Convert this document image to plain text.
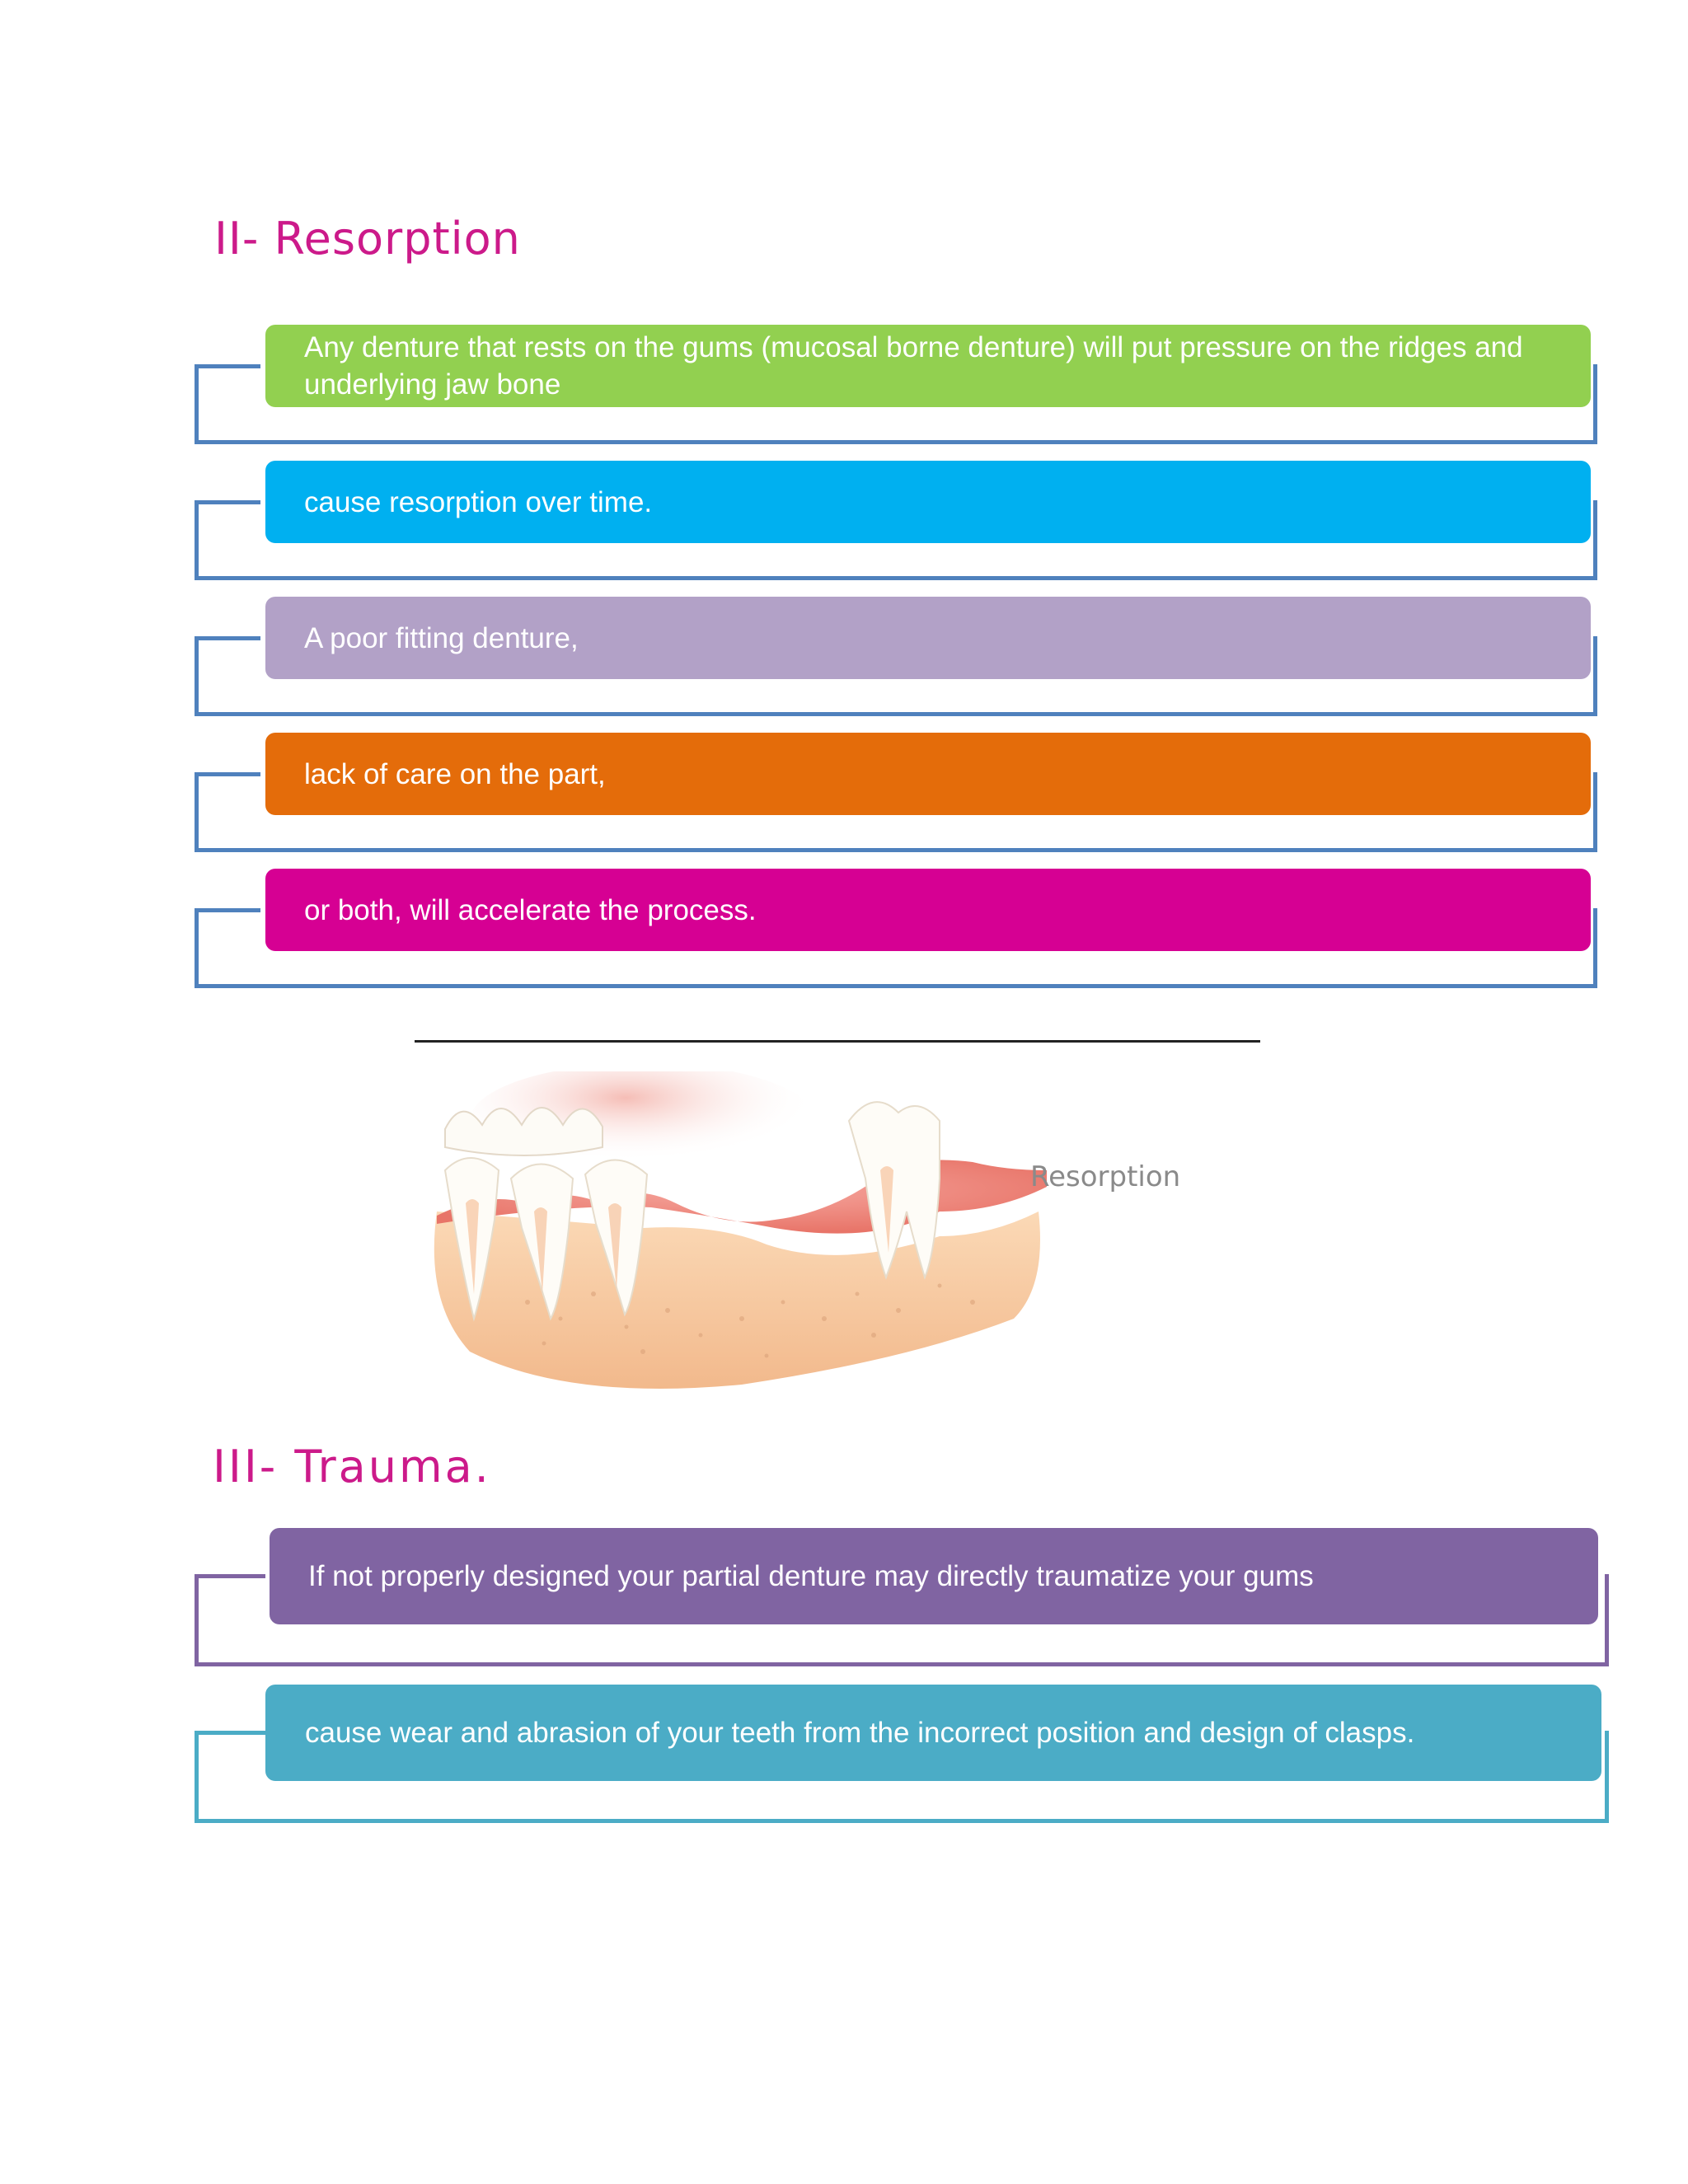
II- Resorption
Any denture that rests on the gums (mucosal borne denture) will put pressure on the ridges and underlying jaw bone
cause resorption over time.
A poor fitting denture,
lack of care on the part,
or both, will accelerate the process.
Resorption
III- Trauma.
If not properly designed your partial denture may directly traumatize your gums
cause wear and abrasion of your teeth from the incorrect position and design of clasps.
